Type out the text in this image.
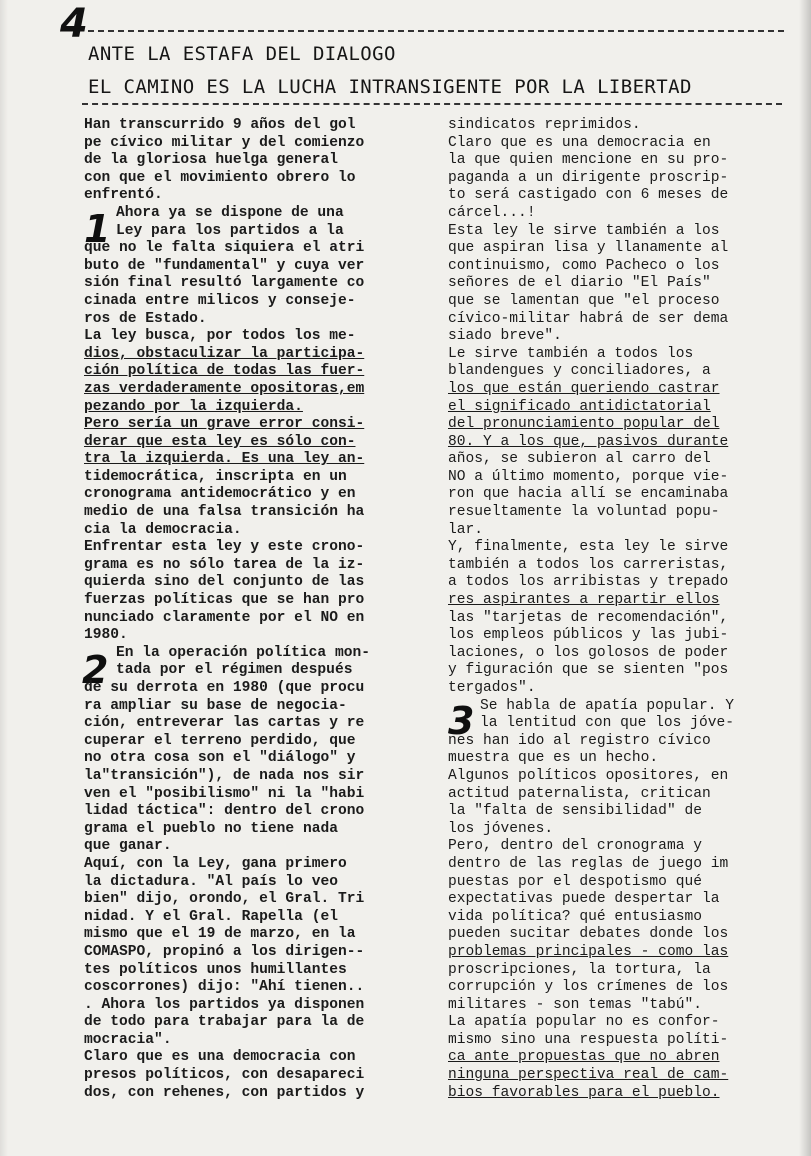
4
ANTE LA ESTAFA DEL DIALOGO
EL CAMINO ES LA LUCHA INTRANSIGENTE POR LA LIBERTAD
1
2
3
Han transcurrido 9 años del gol
pe cívico militar y del comienzo
de la gloriosa huelga general
con que el movimiento obrero lo
enfrentó.
Ahora ya se dispone de una
Ley para los partidos a la
que no le falta siquiera el atri
buto de "fundamental" y cuya ver
sión final resultó largamente co
cinada entre milicos y conseje-
ros de Estado.
La ley busca, por todos los me-
dios, obstaculizar la participa-
ción política de todas las fuer-
zas verdaderamente opositoras,em
pezando por la izquierda.
Pero sería un grave error consi-
derar que esta ley es sólo con-
tra la izquierda. Es una ley an-
tidemocrática, inscripta en un
cronograma antidemocrático y en
medio de una falsa transición ha
cia la democracia.
Enfrentar esta ley y este crono-
grama es no sólo tarea de la iz-
quierda sino del conjunto de las
fuerzas políticas que se han pro
nunciado claramente por el NO en
1980.
En la operación política mon-
tada por el régimen después
de su derrota en 1980 (que procu
ra ampliar su base de negocia-
ción, entreverar las cartas y re
cuperar el terreno perdido, que
no otra cosa son el "diálogo" y
la"transición"), de nada nos sir
ven el "posibilismo" ni la "habi
lidad táctica": dentro del crono
grama el pueblo no tiene nada
que ganar.
Aquí, con la Ley, gana primero
la dictadura. "Al país lo veo
bien" dijo, orondo, el Gral. Tri
nidad. Y el Gral. Rapella (el
mismo que el 19 de marzo, en la
COMASPO, propinó a los dirigen--
tes políticos unos humillantes
coscorrones) dijo: "Ahí tienen..
. Ahora los partidos ya disponen
de todo para trabajar para la de
mocracia".
Claro que es una democracia con
presos políticos, con desapareci
dos, con rehenes, con partidos y
sindicatos reprimidos.
Claro que es una democracia en
la que quien mencione en su pro-
paganda a un dirigente proscrip-
to será castigado con 6 meses de
cárcel...!
Esta ley le sirve también a los
que aspiran lisa y llanamente al
continuismo, como Pacheco o los
señores de el diario "El País"
que se lamentan que "el proceso
cívico-militar habrá de ser dema
siado breve".
Le sirve también a todos los
blandengues y conciliadores, a
los que están queriendo castrar
el significado antidictatorial
del pronunciamiento popular del
80. Y a los que, pasivos durante
años, se subieron al carro del
NO a último momento, porque vie-
ron que hacia allí se encaminaba
resueltamente la voluntad popu-
lar.
Y, finalmente, esta ley le sirve
también a todos los carreristas,
a todos los arribistas y trepado
res aspirantes a repartir ellos
las "tarjetas de recomendación",
los empleos públicos y las jubi-
laciones, o los golosos de poder
y figuración que se sienten "pos
tergados".
Se habla de apatía popular. Y
la lentitud con que los jóve-
nes han ido al registro cívico
muestra que es un hecho.
Algunos políticos opositores, en
actitud paternalista, critican
la "falta de sensibilidad" de
los jóvenes.
Pero, dentro del cronograma y
dentro de las reglas de juego im
puestas por el despotismo qué
expectativas puede despertar la
vida política? qué entusiasmo
pueden sucitar debates donde los
problemas principales - como las
proscripciones, la tortura, la
corrupción y los crímenes de los
militares - son temas "tabú".
La apatía popular no es confor-
mismo sino una respuesta políti-
ca ante propuestas que no abren
ninguna perspectiva real de cam-
bios favorables para el pueblo.
